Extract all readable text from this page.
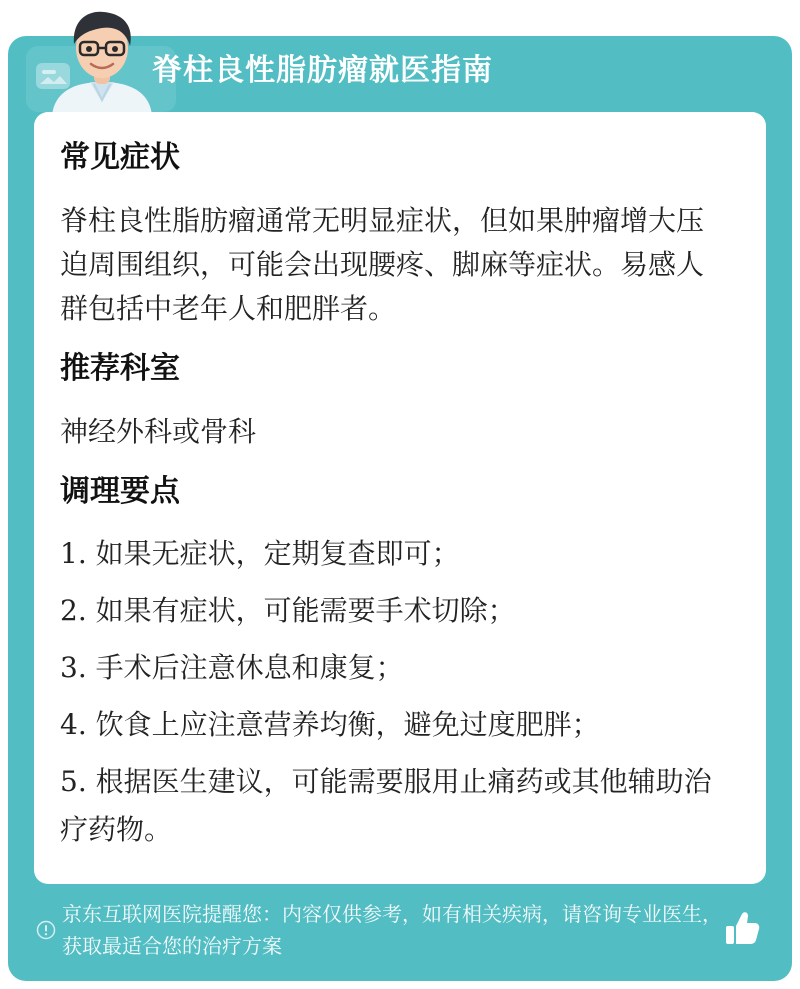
脊柱良性脂肪瘤就医指南
常见症状
脊柱良性脂肪瘤通常无明显症状，但如果肿瘤增大压迫周围组织，可能会出现腰疼、脚麻等症状。易感人群包括中老年人和肥胖者。
推荐科室
神经外科或骨科
调理要点
1. 如果无症状，定期复查即可；
2. 如果有症状，可能需要手术切除；
3. 手术后注意休息和康复；
4. 饮食上应注意营养均衡，避免过度肥胖；
5. 根据医生建议，可能需要服用止痛药或其他辅助治疗药物。
京东互联网医院提醒您：内容仅供参考，如有相关疾病，请咨询专业医生，获取最适合您的治疗方案
